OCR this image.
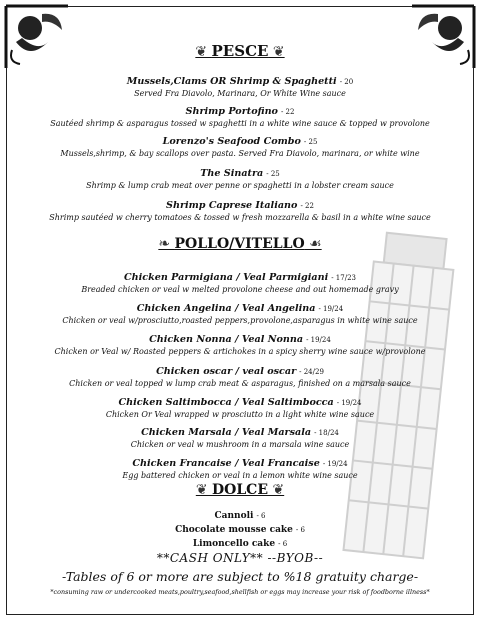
❦ PESCE ❦
Mussels,Clams OR Shrimp & Spaghetti - 20
Served Fra Diavolo, Marinara, Or White Wine sauce
Shrimp Portofino - 22
Sautéed shrimp & asparagus tossed w spaghetti in a white wine sauce & topped w provolone
Lorenzo's Seafood Combo - 25
Mussels,shrimp, & bay scallops over pasta. Served Fra Diavolo, marinara, or white wine
The Sinatra - 25
Shrimp & lump crab meat over penne or spaghetti in a lobster cream sauce
Shrimp Caprese Italiano - 22
Shrimp sautéed w cherry tomatoes & tossed w fresh mozzarella & basil in a white wine sauce
❧ POLLO/VITELLO ☙
Chicken Parmigiana / Veal Parmigiani - 17/23
Breaded chicken or veal w melted provolone cheese and out homemade gravy
Chicken Angelina / Veal Angelina - 19/24
Chicken or veal w/prosciutto,roasted peppers,provolone,asparagus in white wine sauce
Chicken Nonna / Veal Nonna - 19/24
Chicken or Veal w/ Roasted peppers & artichokes in a spicy sherry wine sauce w/provolone
Chicken oscar / veal oscar - 24/29
Chicken or veal topped w lump crab meat & asparagus, finished on a marsala sauce
Chicken Saltimbocca / Veal Saltimbocca - 19/24
Chicken Or Veal wrapped w prosciutto in a light white wine sauce
Chicken Marsala / Veal Marsala - 18/24
Chicken or veal w mushroom in a marsala wine sauce
Chicken Francaise / Veal Francaise - 19/24
Egg battered chicken or veal in a lemon white wine sauce
❦ DOLCE ❦
Cannoli - 6
Chocolate mousse cake - 6
Limoncello cake - 6
**CASH ONLY** --BYOB--
-Tables of 6 or more are subject to %18 gratuity charge-
*consuming raw or undercooked meats,poultry,seafood,shellfish or eggs may increase your risk of foodborne illness*
